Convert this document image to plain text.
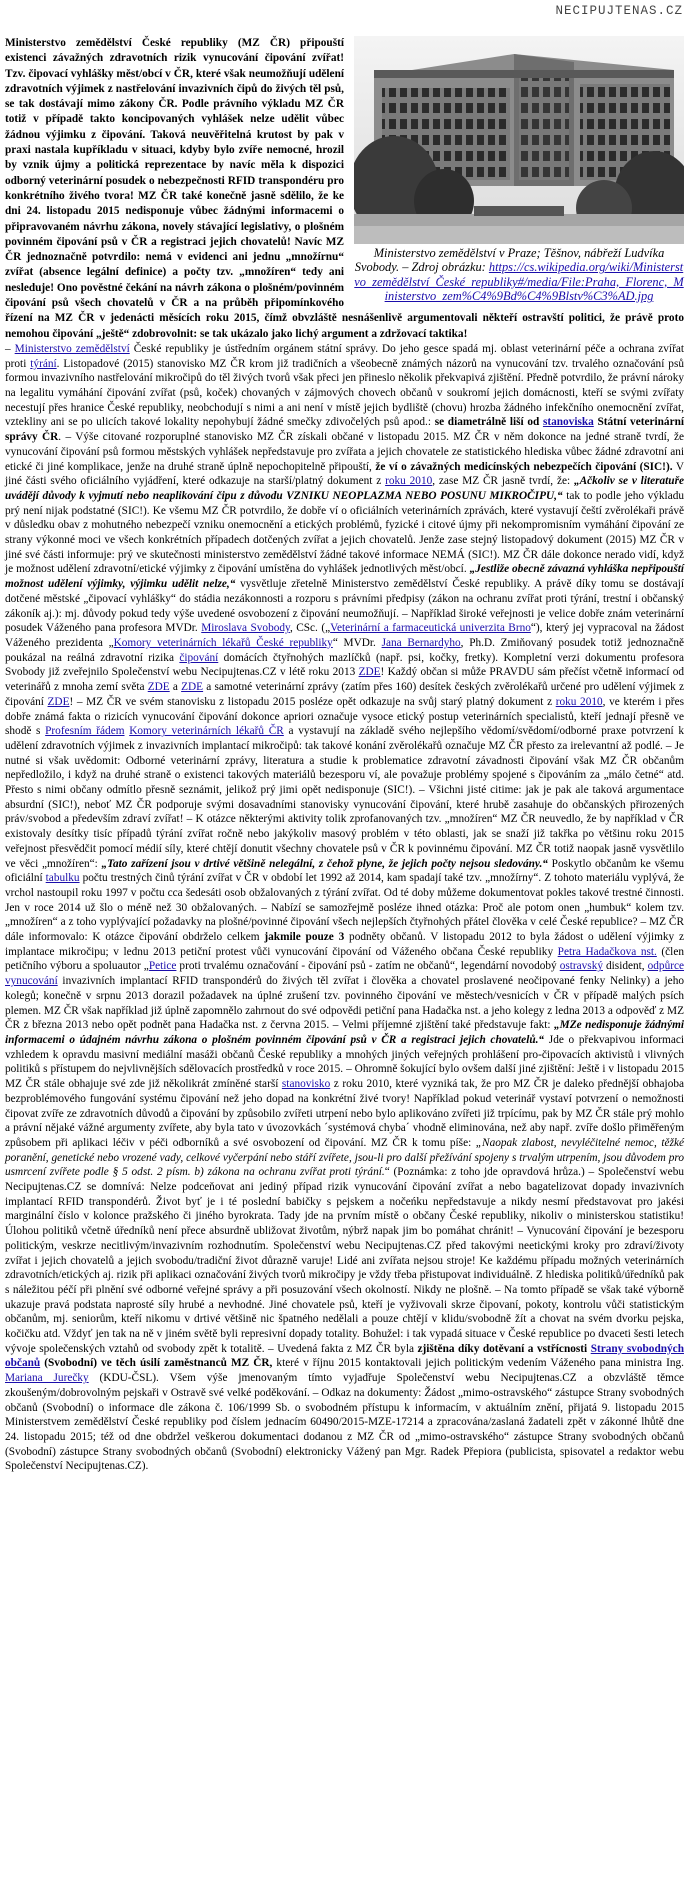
NECIPUJTENAS.CZ
Ministerstvo zemědělství v Praze; Těšnov, nábřeží Ludvíka Svobody. – Zdroj obrázku: https://cs.wikipedia.org/wiki/Ministerstvo_zemědělství_České_republiky#/media/File:Praha,_Florenc,_Ministerstvo_zem%C4%9Bd%C4%9Blstv%C3%AD.jpg
Ministerstvo zemědělství České republiky (MZ ČR) připouští existenci závažných zdravotních rizik vynucování čipování zvířat! Tzv. čipovací vyhlášky měst/obcí v ČR, které však neumožňují udělení zdravotních výjimek z nastřelování invazivních čipů do živých těl psů, se tak dostávají mimo zákony ČR. Podle právního výkladu MZ ČR totiž v případě takto koncipovaných vyhlášek nelze udělit vůbec žádnou výjimku z čipování. Taková neuvěřitelná krutost by pak v praxi nastala kupříkladu v situaci, kdyby bylo zvíře nemocné, hrozil by vznik újmy a politická reprezentace by navíc měla k dispozici odborný veterinární posudek o nebezpečnosti RFID transpondéru pro konkrétního živého tvora! MZ ČR také konečně jasně sdělilo, že ke dni 24. listopadu 2015 nedisponuje vůbec žádnými informacemi o připravovaném návrhu zákona, novely stávající legislativy, o plošném povinném čipování psů v ČR a registraci jejich chovatelů! Navíc MZ ČR jednoznačně potvrdilo: nemá v evidenci ani jednu „množírnu“ zvířat (absence legální definice) a počty tzv. „množíren“ tedy ani nesleduje! Ono pověstné čekání na návrh zákona o plošném/povinném čipování psů všech chovatelů v ČR a na průběh připomínkového řízení na MZ ČR v jedenácti měsících roku 2015, čímž obvzláště nesnášenlivě argumentovali někteří ostravští politici, že právě proto nemohou čipování „ještě“ zdobrovolnit: se tak ukázalo jako lichý argument a zdržovací taktika!
– Ministerstvo zemědělství České republiky je ústředním orgánem státní správy. Do jeho gesce spadá mj. oblast veterinární péče a ochrana zvířat proti týrání. Listopadové (2015) stanovisko MZ ČR krom již tradičních a všeobecně známých názorů na vynucování tzv. trvalého označování psů formou invazivního nastřelování mikročipů do těl živých tvorů však přeci jen přineslo několik překvapivá zjištění. Předně potvrdilo, že právní nároky na legalitu vymáhání čipování zvířat (psů, koček) chovaných v zájmových chovech občanů v soukromí jejich domácnosti, kteří se svými zvířaty necestují přes hranice České republiky, neobchodují s nimi a ani není v místě jejich bydliště (chovu) hrozba žádného infekčního onemocnění zvířat, vztekliny ani se po ulicích takové lokality nepohybují žádné smečky zdivočelých psů apod.: se diametrálně liší od stanoviska Státní veterinární správy ČR. – Výše citované rozporuplné stanovisko MZ ČR získali občané v listopadu 2015. MZ ČR v něm dokonce na jedné straně tvrdí, že vynucování čipování psů formou městských vyhlášek nepředstavuje pro zvířata a jejich chovatele ze statistického hlediska vůbec žádné zdravotní ani etické či jiné komplikace, jenže na druhé straně úplně nepochopitelně připouští, že ví o závažných medicínských nebezpečích čipování (SIC!). V jiné části svého oficiálního vyjádření, které odkazuje na starší/platný dokument z roku 2010, zase MZ ČR jasně tvrdí, že: „Ačkoliv se v literatuře uvádějí důvody k vyjmutí nebo neaplikování čipu z důvodu VZNIKU NEOPLAZMA NEBO POSUNU MIKROČIPU,“ tak to podle jeho výkladu prý není nijak podstatné (SIC!). Ke všemu MZ ČR potvrdilo, že dobře ví o oficiálních veterinárních zprávách, které vystavují čeští zvěrolékaři právě v důsledku obav z mohutného nebezpečí vzniku onemocnění a etických problémů, fyzické i citové újmy při nekompromisním vymáhání čipování ze strany výkonné moci ve všech konkrétních případech dotčených zvířat a jejich chovatelů. Jenže zase stejný listopadový dokument (2015) MZ ČR v jiné své části informuje: prý ve skutečnosti ministerstvo zemědělství žádné takové informace NEMÁ (SIC!). MZ ČR dále dokonce nerado vidí, když je možnost udělení zdravotní/etické výjimky z čipování umístěna do vyhlášek jednotlivých měst/obcí. „Jestliže obecně závazná vyhláška nepřipouští možnost udělení výjimky, výjimku udělit nelze,“ vysvětluje zřetelně Ministerstvo zemědělství České republiky. A právě díky tomu se dostávají dotčené městské „čipovací vyhlášky“ do stádia nezákonnosti a rozporu s právními předpisy (zákon na ochranu zvířat proti týrání, trestní i občanský zákoník aj.): mj. důvody pokud tedy výše uvedené osvobození z čipování neumožňují. – Například široké veřejnosti je velice dobře znám veterinární posudek Váženého pana profesora MVDr. Miroslava Svobody, CSc. („Veterinární a farmaceutická univerzita Brno“), který jej vypracoval na žádost Váženého prezidenta „Komory veterinárních lékařů České republiky“ MVDr. Jana Bernardyho, Ph.D. Zmiňovaný posudek totiž jednoznačně poukázal na reálná zdravotní rizika čipování domácích čtyřnohých mazlíčků (např. psi, kočky, fretky). Kompletní verzi dokumentu profesora Svobody již zveřejnilo Společenství webu Necipujtenas.CZ v létě roku 2013 ZDE! Každý občan si může PRAVDU sám přečíst včetně informací od veterinářů z mnoha zemí světa ZDE a ZDE a samotné veterinární zprávy (zatím přes 160) desítek českých zvěrolékařů určené pro udělení výjimek z čipování ZDE! – MZ ČR ve svém stanovisku z listopadu 2015 poslézе opět odkazuje na svůj starý platný dokument z roku 2010, ve kterém i přes dobře známá fakta o rizicích vynucování čipování dokonce apriori označuje vysoce etický postup veterinárních specialistů, kteří jednají přesně ve shodě s Profesním řádem Komory veterinárních lékařů ČR a vystavují na základě svého nejlepšího vědomí/svědomí/odborné praxe potvrzení k udělení zdravotních výjimek z invazivních implantací mikročipů: tak takové konání zvěrolékařů označuje MZ ČR přesto za irelevantní až podlé. – Je nutné si však uvědomit: Odborné veterinární zprávy, literatura a studie k problematice zdravotní závadnosti čipování však MZ ČR občanům nepředložilo, i když na druhé straně o existenci takových materiálů bezesporu ví, ale považuje problémy spojené s čipováním za „málo četné“ atd. Přesto s nimi občany odmítlo přesně seznámit, jelikož prý jimi opět nedisponuje (SIC!). – Všichni jisté citime: jak je pak ale taková argumentace absurdní (SIC!), neboť MZ ČR podporuje svými dosavadními stanovisky vynucování čipování, které hrubě zasahuje do občanských přirozených práv/svobod a především zdraví zvířat! – K otázce některými aktivity tolik zprofanovaných tzv. „množíren“ MZ ČR neuvedlo, že by například v ČR existovaly desítky tisíc případů týrání zvířat ročně nebo jakýkoliv masový problém v této oblasti, jak se snaží již takřka po většinu roku 2015 veřejnost přesvědčit pomocí médií síly, které chtějí donutit všechny chovatele psů v ČR k povinnému čipování. MZ ČR totiž naopak jasně vysvětlilo ve věci „množíren“: „Tato zařízení jsou v drtivé většině nelegální, z čehož plyne, že jejich počty nejsou sledovány.“ Poskytlo občanům ke všemu oficiální tabulku počtu trestných činů týrání zvířat v ČR v období let 1992 až 2014, kam spadají také tzv. „množírny“. Z tohoto materiálu vyplývá, že vrchol nastoupil roku 1997 v počtu cca šedesáti osob obžalovaných z týrání zvířat. Od té doby můžeme dokumentovat pokles takové trestné činnosti. Jen v roce 2014 už šlo o méně než 30 obžalovaných. – Nabízí se samozřejmě posléze ihned otázka: Proč ale potom onen „humbuk“ kolem tzv. „množíren“ a z toho vyplývající požadavky na plošné/povinné čipování všech nejlepších čtyřnohých přátel člověka v celé České republice? – MZ ČR dále informovalo: K otázce čipování obdrželo celkem jakmile pouze 3 podněty občanů. V listopadu 2012 to byla žádost o udělení výjimky z implantace mikročipu; v lednu 2013 petiční protest vůči vynucování čipování od Váženého občana České republiky Petra Hadačkova nst. (člen petičního výboru a spoluautor „Petice proti trvalému označování - čipování psů - zatím ne občanů“, legendární novodobý ostravský disident, odpůrce vynucování invazivních implantací RFID transpondérů do živých těl zvířat i člověka a chovatel proslavené neočipované fenky Nelinky) a jeho kolegů; konečně v srpnu 2013 dorazil požadavek na úplné zrušení tzv. povinného čipování ve městech/vesnicích v ČR v případě malých psích plemen. MZ ČR však například již úplně zapomnělo zahrnout do své odpovědi petiční pana Hadačka nst. a jeho kolegy z ledna 2013 a odpověď z MZ ČR z března 2013 nebo opět podnět pana Hadačka nst. z června 2015. – Velmi příjemné zjištění také představuje fakt: „MZe nedisponuje žádnými informacemi o údajném návrhu zákona o plošném povinném čipování psů v ČR a registraci jejich chovatelů.“ Jde o překvapivou informaci vzhledem k opravdu masivní mediální masáži občanů České republiky a mnohých jiných veřejných prohlášení pro-čipovacích aktivistů i vlivných politiků s přístupem do nejvlivnějších sdělovacích prostředků v roce 2015. – Ohromně šokující bylo ovšem další jiné zjištění: Ještě i v listopadu 2015 MZ ČR stále obhajuje své zde již několikrát zmíněné starší stanovisko z roku 2010, které vyzniká tak, že pro MZ ČR je daleko přednější obhajoba bezproblémového fungování systému čipování než jeho dopad na konkrétní živé tvory! Například pokud veterinář vystaví potvrzení o nemožnosti čipovat zvíře ze zdravotních důvodů a čipování by způsobilo zvířeti utrpení nebo bylo aplikováno zvířeti již trpícímu, pak by MZ ČR stále prý mohlo a právní nějaké vážné argumenty zvířete, aby byla tato v úvozovkách ´systémová chyba´ vhodně eliminována, než aby např. zvíře došlo přiměřeným způsobem při aplikaci léčiv v péči odborníků a své osvobození od čipování. MZ ČR k tomu píše: „Naopak zlabost, nevyléčitelné nemoc, těžké poranění, genetické nebo vrozené vady, celkové vyčerpání nebo stáří zvířete, jsou-li pro další přežívání spojeny s trvalým utrpením, jsou důvodem pro usmrcení zvířete podle § 5 odst. 2 písm. b) zákona na ochranu zvířat proti týrání.“ (Poznámka: z toho jde opravdová hrůza.) – Společenství webu Necipujtenas.CZ se domnívá: Nelze podceňovat ani jediný případ rizik vynucování čipování zvířat a nebo bagatelizovat dopady invazivních implantací RFID transpondérů. Život byť je i té poslední babičky s pejskem a nočeńku nepředstavuje a nikdy nesmí představovat pro jakési marginální číslo v kolonce pražského či jiného byrokrata. Tady jde na prvním místě o občany České republiky, nikoliv o ministerskou statistiku! Úlohou politiků včetně úředníků není přece absurdně ubližovat životům, nýbrž napak jim bo pomáhat chránit! – Vynucování čipování je bezesporu politickým, veskrze necitlivým/invazivním rozhodnutím. Společenství webu Necipujtenas.CZ před takovými neetickými kroky pro zdraví/životy zvířat i jejich chovatelů a jejich svobodu/tradiční život důrazně varuje! Lidé ani zvířata nejsou stroje! Ke každému případu možných veterinárních zdravotních/etických aj. rizik při aplikaci označování živých tvorů mikročipy je vždy třeba přistupovat individuálně. Z hlediska politiků/úředníků pak s náležitou péčí při plnění své odborné veřejné správy a při posuzování všech okolností. Nikdy ne plošně. – Na tomto případě se však také výborně ukazuje pravá podstata naprosté síly hrubé a nevhodné. Jiné chovatele psů, kteří je vyživovali skrze čipovaní, pokoty, kontrolu vůči statistickým občanům, mj. seniorům, kteří nikomu v drtivé většině nic špatného nedělali a pouze chtějí v klidu/svobodně žít a chovat na svém dvorku pejska, kočičku atd. Vždyť jen tak na ně v jiném světě byli represivní dopady totality. Bohužel: i tak vypadá situace v České republice po dvaceti šesti letech vývoje společenských vztahů od svobody zpět k totalitě. – Uvedená fakta z MZ ČR byla zjištěna díky dotěvaní a vstřícnosti Strany svobodných občanů (Svobodní) ve těch úsilí zaměstnanců MZ ČR, které v říjnu 2015 kontaktovali jejich politickým vedením Váženého pana ministra Ing. Mariana Jurečky (KDU-ČSL). Všem výše jmenovaným tímto vyjadřuje Společenství webu Necipujtenas.CZ a obzvláště těmce zkoušeným/dobrovolným pejskaři v Ostravě své velké poděkování. – Odkaz na dokumenty: Žádost „mimo-ostravského“ zástupce Strany svobodných občanů (Svobodní) o informace dle zákona č. 106/1999 Sb. o svobodném přístupu k informacím, v aktuálním znění, přijatá 9. listopadu 2015 Ministerstvem zemědělství České republiky pod číslem jednacím 60490/2015-MZE-17214 a zpracována/zaslaná žadateli zpět v zákonné lhůtě dne 24. listopadu 2015; též od dne obdržel veškerou dokumentaci dodanou z MZ ČR od „mimo-ostravského“ zástupce Strany svobodných občanů (Svobodní) zástupce Strany svobodných občanů (Svobodní) elektronicky Vážený pan Mgr. Radek Přepiora (publicista, spisovatel a redaktor webu Společenství Necipujtenas.CZ).
